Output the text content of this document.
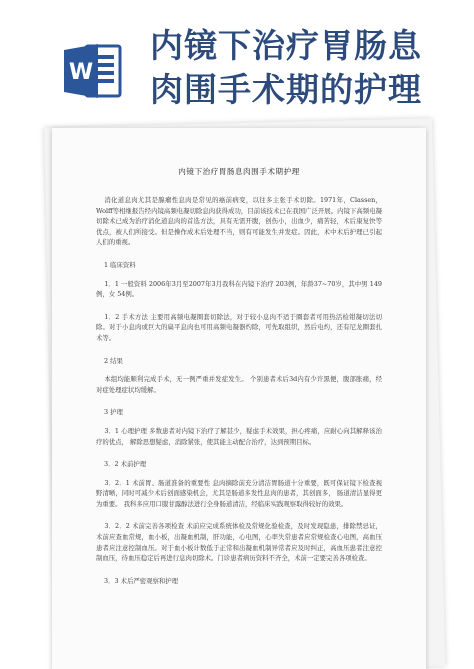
W
内镜下治疗胃肠息
肉围手术期的护理
内镜下治疗胃肠息肉围手术期护理

消化道息肉尤其是腺瘤性息肉是常见的癌前病变，以往多主张手术切除。1971年，Classen，Wolff等相继报告经内镜高频电凝切除息肉获得成功，目前该技术已在我国广泛开展。内镜下高频电凝切除术已成为治疗消化道息肉的首选方法，具有无需开腹，创伤小，出血少，痛苦轻，术后康复快等优点，被人们所接受。但是操作成术后处理不当，则有可能发生并发症。因此，术中术后护理已引起人们的重视。

1 临床资料

1．1 一般资料 2006年3月至2007年3月我科在内镜下治疗 203例，年龄37~70岁，其中男 149例，女 54例。

1．2 手术方法 主要用高频电凝圈套切除法，对于较小息肉不适于圈套者可用热活检钳凝切法切除。对于小息肉或巨大的扁平息肉也可用高频电凝器灼除，可先取组织，然后电灼，还有尼龙圈套扎术等。

2 结果

本组均能顺利完成手术，无一例严重并发症发生。 个别患者术后3d内有少许黑便，腹部胀痛，经对症处理症状均缓解。

3 护理

3．1 心理护理 多数患者对内镜下治疗了解甚少，疑虑手术效果，担心疼痛，应耐心向其解释该治疗的优点， 解除思想疑虑，消除紧张，使其能主动配合治疗，达到预期目标。

3．2 术前护理

3．2．1 术前胃、肠道准备的重要性 息肉摘除前充分清洁胃肠道十分重要，既可保证镜下检查视野清晰，同时可减少术后创面感染机会，尤其是肠道多发性息肉的患者，其创面多， 肠道清洁显得更为重要。 我科多应用口服甘露醇法进行全身肠道清洁，经临床实践观察取得较好的效果。

3．2．2 术前完善各项检查 术前应完成系统体检及常规化验检查，及时发现隐患，排除禁忌证，术前应查血常规，血小板，出凝血机制，肝功能，心电图，心率失常患者应常规检查心电图，高血压患者应注意控制血压。对于血小板计数低于正常和出凝血机制异常者应及时纠正，高血压患者注意控制血压，待血压稳定后再进行息肉切除术。门诊患者病历资料不齐全，术前一定要完善各项检查。

3．3 术后严密观察和护理
